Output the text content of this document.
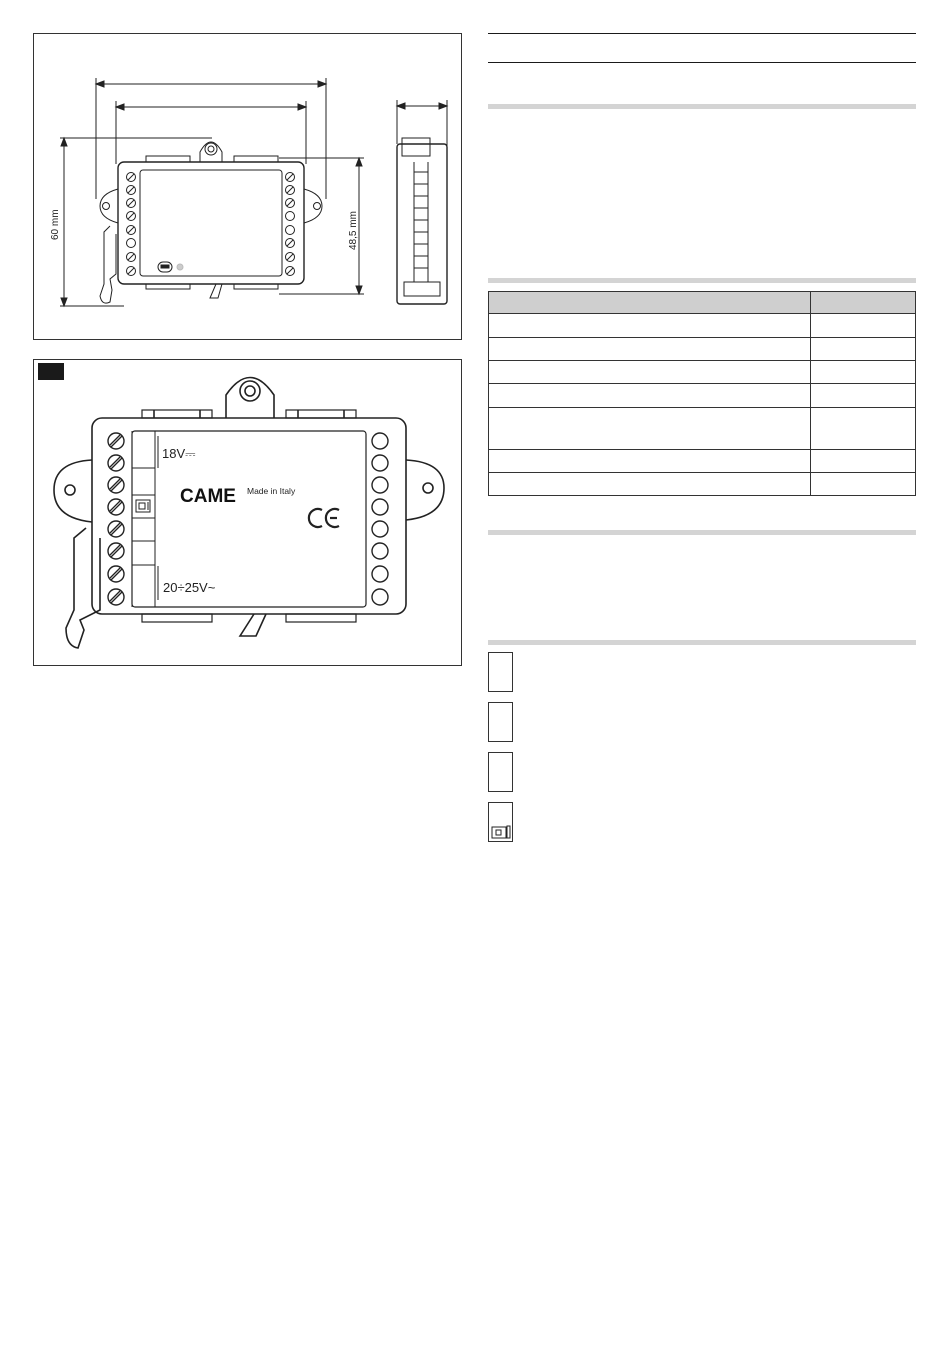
60 mm	48,5 mm
18V⎓
20÷25V~
CAME Made in Italy
